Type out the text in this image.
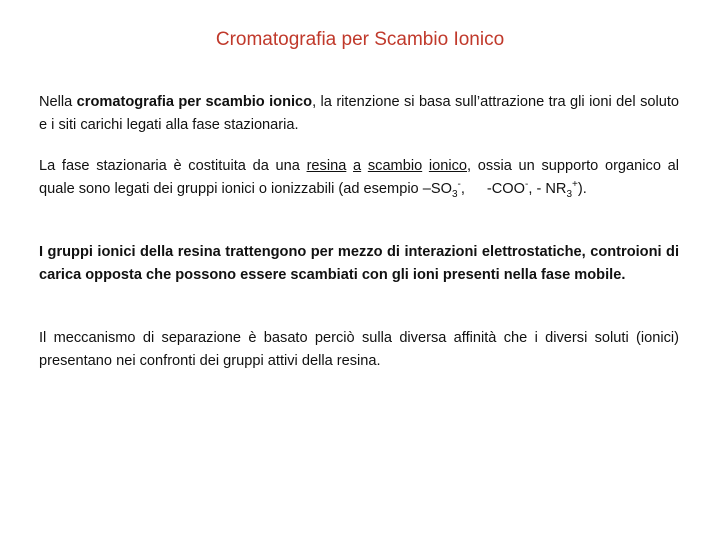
Cromatografia per Scambio Ionico
Nella cromatografia per scambio ionico, la ritenzione si basa sull’attrazione tra gli ioni del soluto e i siti carichi legati alla fase stazionaria.
La fase stazionaria è costituita da una resina a scambio ionico, ossia un supporto organico al quale sono legati dei gruppi ionici o ionizzabili (ad esempio $-SO_3^-$, -COO-, - $NR_3^+$).
I gruppi ionici della resina trattengono per mezzo di interazioni elettrostatiche, controioni di carica opposta che possono essere scambiati con gli ioni presenti nella fase mobile.
Il meccanismo di separazione è basato perciò sulla diversa affinità che i diversi soluti (ionici) presentano nei confronti dei gruppi attivi della resina.
